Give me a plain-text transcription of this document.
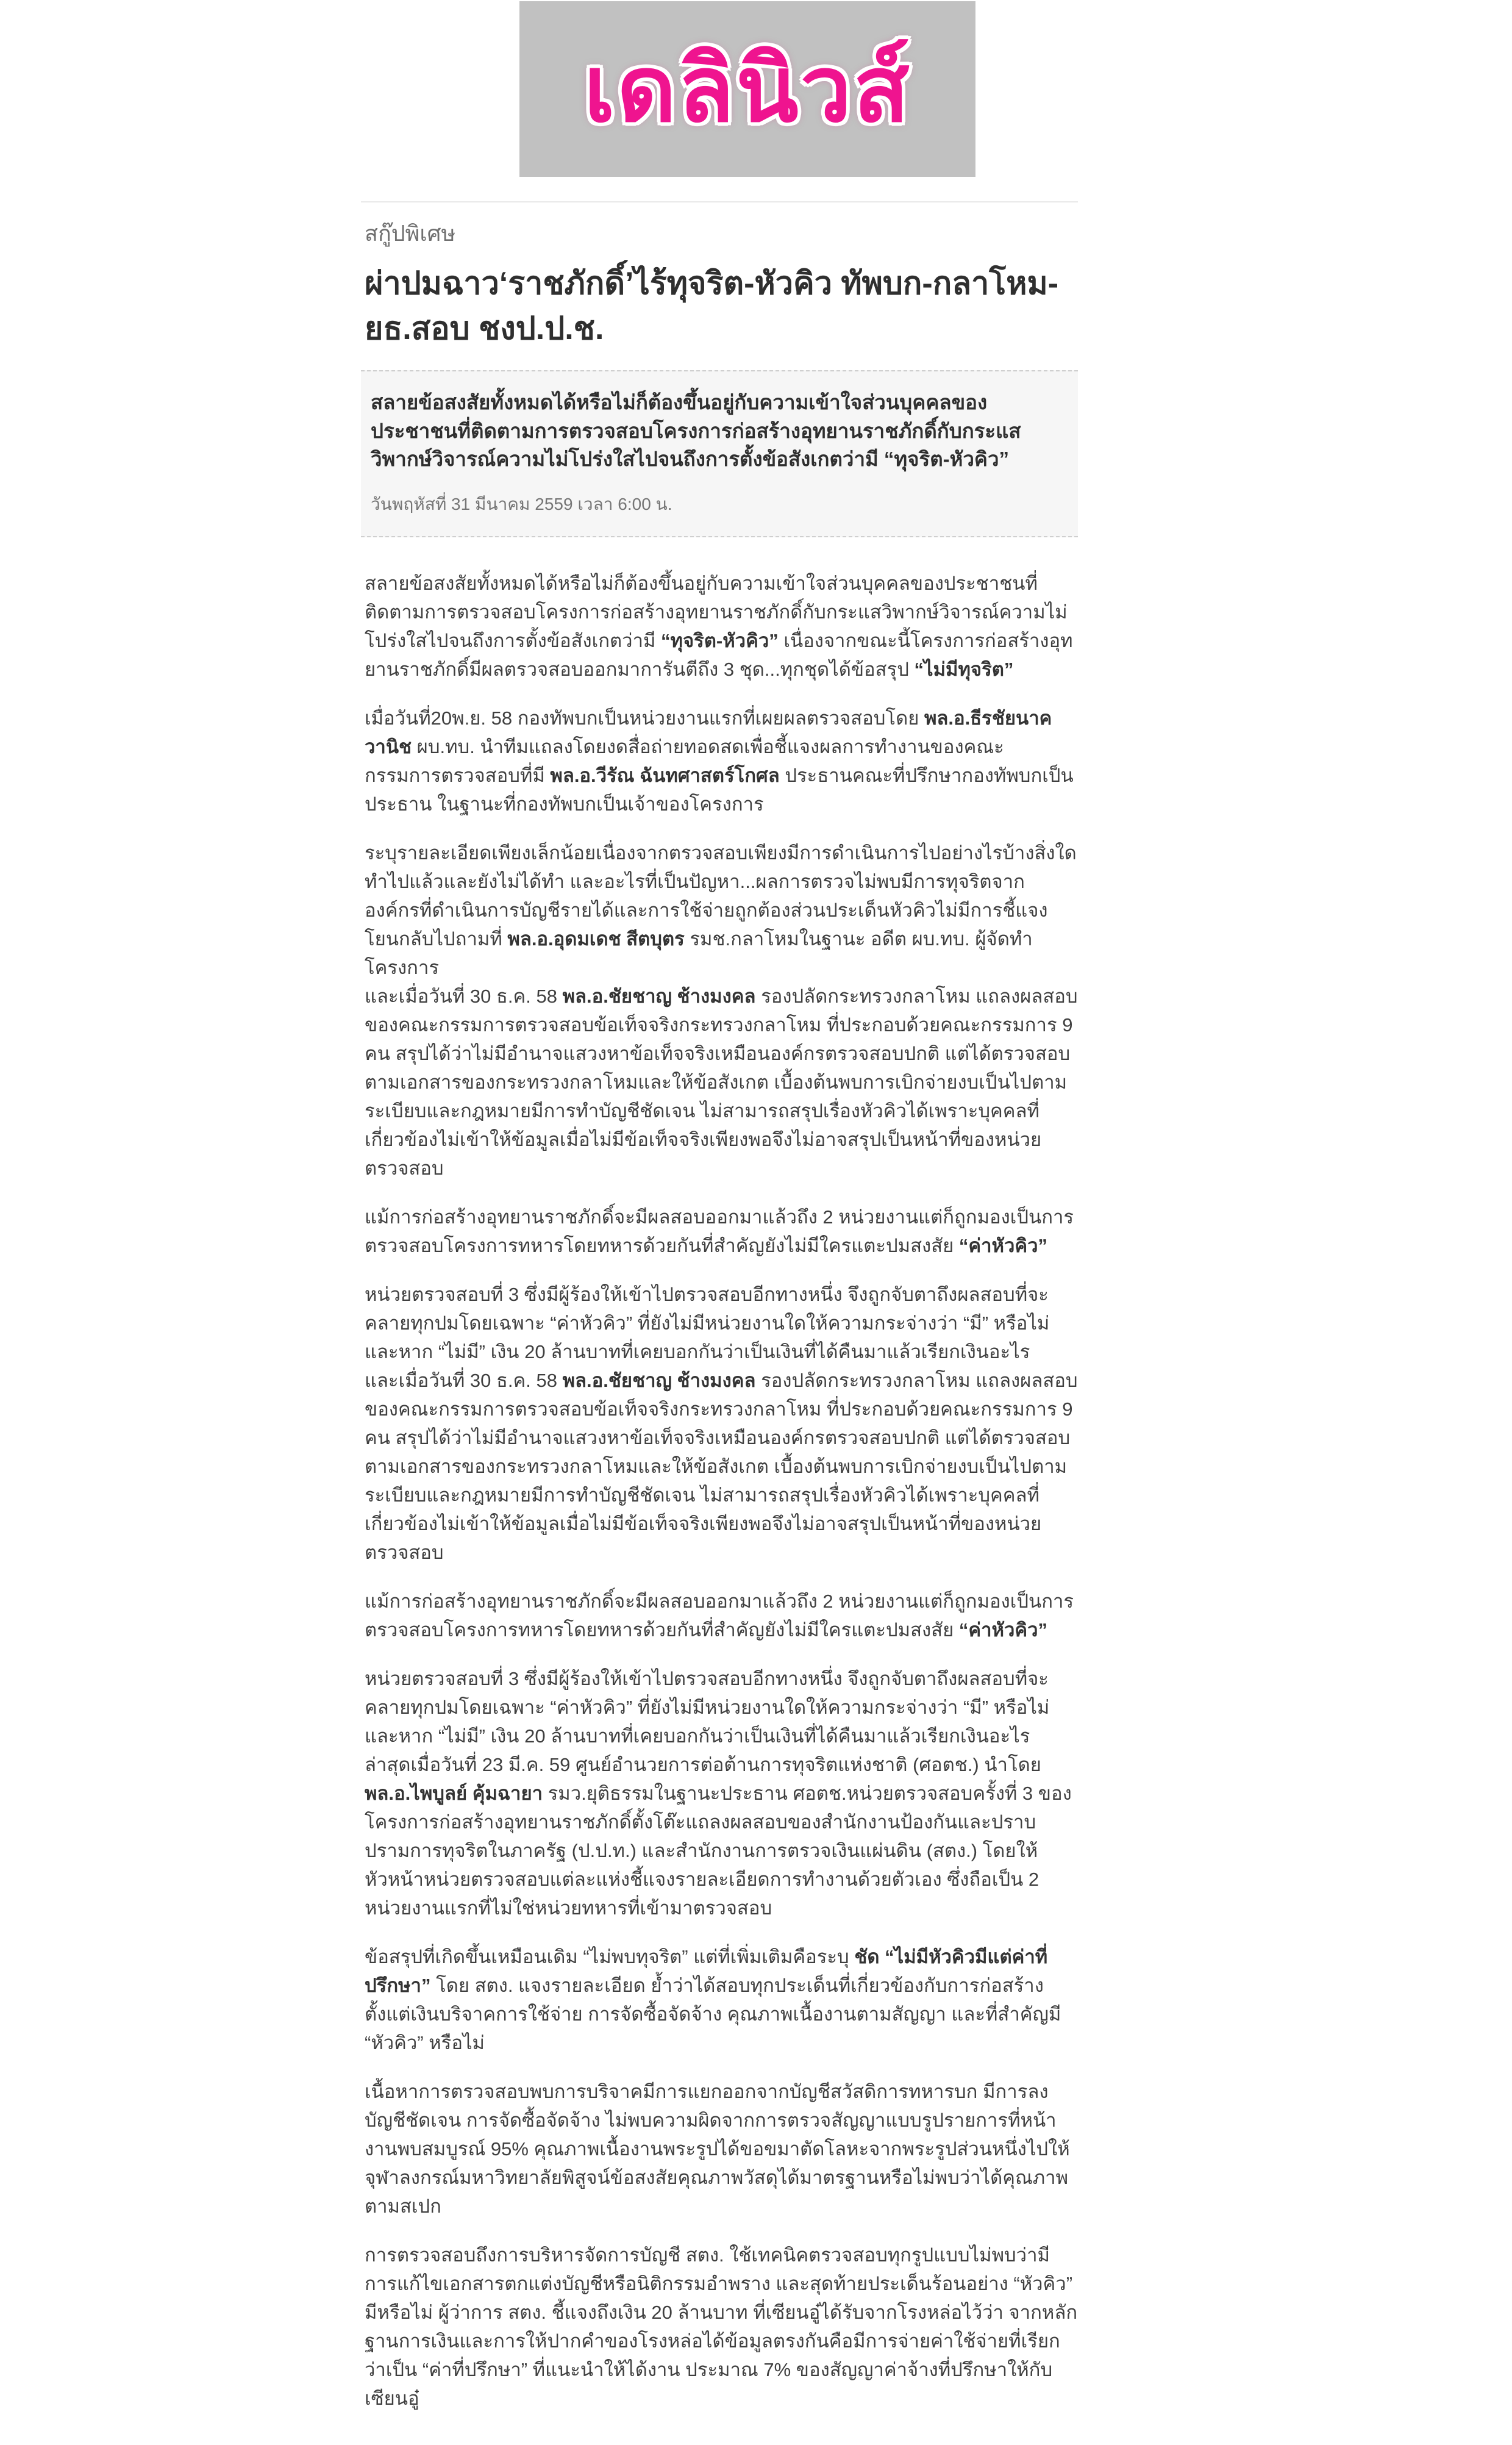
เดลินิวส์
สกู๊ปพิเศษ
ผ่าปมฉาว‘ราชภักดิ์’ไร้ทุจริต-หัวคิว ทัพบก-กลาโหม-ยธ.สอบ ชงป.ป.ช.

สลายข้อสงสัยทั้งหมดได้หรือไม่ก็ต้องขึ้นอยู่กับความเข้าใจส่วนบุคคลของประชาชนที่ติดตามการตรวจสอบโครงการก่อสร้างอุทยานราชภักดิ์กับกระแสวิพากษ์วิจารณ์ความไม่โปร่งใสไปจนถึงการตั้งข้อสังเกตว่ามี “ทุจริต-หัวคิว”

วันพฤหัสที่ 31 มีนาคม 2559 เวลา 6:00 น.

สลายข้อสงสัยทั้งหมดได้หรือไม่ก็ต้องขึ้นอยู่กับความเข้าใจส่วนบุคคลของประชาชนที่ติดตามการตรวจสอบโครงการก่อสร้างอุทยานราชภักดิ์กับกระแสวิพากษ์วิจารณ์ความไม่โปร่งใสไปจนถึงการตั้งข้อสังเกตว่ามี “ทุจริต-หัวคิว” เนื่องจากขณะนี้โครงการก่อสร้างอุทยานราชภักดิ์มีผลตรวจสอบออกมาการันตีถึง 3 ชุด...ทุกชุดได้ข้อสรุป “ไม่มีทุจริต”

เมื่อวันที่20พ.ย. 58 กองทัพบกเป็นหน่วยงานแรกที่เผยผลตรวจสอบโดย พล.อ.ธีรชัยนาควานิช ผบ.ทบ. นำทีมแถลงโดยงดสื่อถ่ายทอดสดเพื่อชี้แจงผลการทำงานของคณะกรรมการตรวจสอบที่มี พล.อ.วีรัณ ฉันทศาสตร์โกศล ประธานคณะที่ปรึกษากองทัพบกเป็นประธาน ในฐานะที่กองทัพบกเป็นเจ้าของโครงการ

ระบุรายละเอียดเพียงเล็กน้อยเนื่องจากตรวจสอบเพียงมีการดำเนินการไปอย่างไรบ้างสิ่งใดทำไปแล้วและยังไม่ได้ทำ และอะไรที่เป็นปัญหา...ผลการตรวจไม่พบมีการทุจริตจากองค์กรที่ดำเนินการบัญชีรายได้และการใช้จ่ายถูกต้องส่วนประเด็นหัวคิวไม่มีการชี้แจงโยนกลับไปถามที่ พล.อ.อุดมเดช สีตบุตร รมช.กลาโหมในฐานะ อดีต ผบ.ทบ. ผู้จัดทำโครงการ
และเมื่อวันที่ 30 ธ.ค. 58 พล.อ.ชัยชาญ ช้างมงคล รองปลัดกระทรวงกลาโหม แถลงผลสอบของคณะกรรมการตรวจสอบข้อเท็จจริงกระทรวงกลาโหม ที่ประกอบด้วยคณะกรรมการ 9 คน สรุปได้ว่าไม่มีอำนาจแสวงหาข้อเท็จจริงเหมือนองค์กรตรวจสอบปกติ แต่ได้ตรวจสอบตามเอกสารของกระทรวงกลาโหมและให้ข้อสังเกต เบื้องต้นพบการเบิกจ่ายงบเป็นไปตามระเบียบและกฎหมายมีการทำบัญชีชัดเจน ไม่สามารถสรุปเรื่องหัวคิวได้เพราะบุคคลที่เกี่ยวข้องไม่เข้าให้ข้อมูลเมื่อไม่มีข้อเท็จจริงเพียงพอจึงไม่อาจสรุปเป็นหน้าที่ของหน่วยตรวจสอบ

แม้การก่อสร้างอุทยานราชภักดิ์จะมีผลสอบออกมาแล้วถึง 2 หน่วยงานแต่ก็ถูกมองเป็นการตรวจสอบโครงการทหารโดยทหารด้วยกันที่สำคัญยังไม่มีใครแตะปมสงสัย “ค่าหัวคิว”

หน่วยตรวจสอบที่ 3 ซึ่งมีผู้ร้องให้เข้าไปตรวจสอบอีกทางหนึ่ง จึงถูกจับตาถึงผลสอบที่จะคลายทุกปมโดยเฉพาะ “ค่าหัวคิว” ที่ยังไม่มีหน่วยงานใดให้ความกระจ่างว่า “มี” หรือไม่และหาก “ไม่มี” เงิน 20 ล้านบาทที่เคยบอกกันว่าเป็นเงินที่ได้คืนมาแล้วเรียกเงินอะไร
และเมื่อวันที่ 30 ธ.ค. 58 พล.อ.ชัยชาญ ช้างมงคล รองปลัดกระทรวงกลาโหม แถลงผลสอบของคณะกรรมการตรวจสอบข้อเท็จจริงกระทรวงกลาโหม ที่ประกอบด้วยคณะกรรมการ 9 คน สรุปได้ว่าไม่มีอำนาจแสวงหาข้อเท็จจริงเหมือนองค์กรตรวจสอบปกติ แต่ได้ตรวจสอบตามเอกสารของกระทรวงกลาโหมและให้ข้อสังเกต เบื้องต้นพบการเบิกจ่ายงบเป็นไปตามระเบียบและกฎหมายมีการทำบัญชีชัดเจน ไม่สามารถสรุปเรื่องหัวคิวได้เพราะบุคคลที่เกี่ยวข้องไม่เข้าให้ข้อมูลเมื่อไม่มีข้อเท็จจริงเพียงพอจึงไม่อาจสรุปเป็นหน้าที่ของหน่วยตรวจสอบ

แม้การก่อสร้างอุทยานราชภักดิ์จะมีผลสอบออกมาแล้วถึง 2 หน่วยงานแต่ก็ถูกมองเป็นการตรวจสอบโครงการทหารโดยทหารด้วยกันที่สำคัญยังไม่มีใครแตะปมสงสัย “ค่าหัวคิว”

หน่วยตรวจสอบที่ 3 ซึ่งมีผู้ร้องให้เข้าไปตรวจสอบอีกทางหนึ่ง จึงถูกจับตาถึงผลสอบที่จะคลายทุกปมโดยเฉพาะ “ค่าหัวคิว” ที่ยังไม่มีหน่วยงานใดให้ความกระจ่างว่า “มี” หรือไม่และหาก “ไม่มี” เงิน 20 ล้านบาทที่เคยบอกกันว่าเป็นเงินที่ได้คืนมาแล้วเรียกเงินอะไร
ล่าสุดเมื่อวันที่ 23 มี.ค. 59 ศูนย์อำนวยการต่อต้านการทุจริตแห่งชาติ (ศอตช.) นำโดย พล.อ.ไพบูลย์ คุ้มฉายา รมว.ยุติธรรมในฐานะประธาน ศอตช.หน่วยตรวจสอบครั้งที่ 3 ของโครงการก่อสร้างอุทยานราชภักดิ์ตั้งโต๊ะแถลงผลสอบของสำนักงานป้องกันและปราบปรามการทุจริตในภาครัฐ (ป.ป.ท.) และสำนักงานการตรวจเงินแผ่นดิน (สตง.) โดยให้หัวหน้าหน่วยตรวจสอบแต่ละแห่งชี้แจงรายละเอียดการทำงานด้วยตัวเอง ซึ่งถือเป็น 2 หน่วยงานแรกที่ไม่ใช่หน่วยทหารที่เข้ามาตรวจสอบ

ข้อสรุปที่เกิดขึ้นเหมือนเดิม “ไม่พบทุจริต” แต่ที่เพิ่มเติมคือระบุ ชัด “ไม่มีหัวคิวมีแต่ค่าที่ปรึกษา” โดย สตง. แจงรายละเอียด ย้ำว่าได้สอบทุกประเด็นที่เกี่ยวข้องกับการก่อสร้างตั้งแต่เงินบริจาคการใช้จ่าย การจัดซื้อจัดจ้าง คุณภาพเนื้องานตามสัญญา และที่สำคัญมี “หัวคิว” หรือไม่

เนื้อหาการตรวจสอบพบการบริจาคมีการแยกออกจากบัญชีสวัสดิการทหารบก มีการลงบัญชีชัดเจน การจัดซื้อจัดจ้าง ไม่พบความผิดจากการตรวจสัญญาแบบรูปรายการที่หน้างานพบสมบูรณ์ 95% คุณภาพเนื้องานพระรูปได้ขอขมาตัดโลหะจากพระรูปส่วนหนึ่งไปให้จุฬาลงกรณ์มหาวิทยาลัยพิสูจน์ข้อสงสัยคุณภาพวัสดุได้มาตรฐานหรือไม่พบว่าได้คุณภาพตามสเปก

การตรวจสอบถึงการบริหารจัดการบัญชี สตง. ใช้เทคนิคตรวจสอบทุกรูปแบบไม่พบว่ามีการแก้ไขเอกสารตกแต่งบัญชีหรือนิติกรรมอำพราง และสุดท้ายประเด็นร้อนอย่าง “หัวคิว” มีหรือไม่ ผู้ว่าการ สตง. ชี้แจงถึงเงิน 20 ล้านบาท ที่เซียนอู๋ได้รับจากโรงหล่อไว้ว่า จากหลักฐานการเงินและการให้ปากคำของโรงหล่อได้ข้อมูลตรงกันคือมีการจ่ายค่าใช้จ่ายที่เรียกว่าเป็น “ค่าที่ปรึกษา” ที่แนะนำให้ได้งาน ประมาณ 7% ของสัญญาค่าจ้างที่ปรึกษาให้กับเซียนอู๋
